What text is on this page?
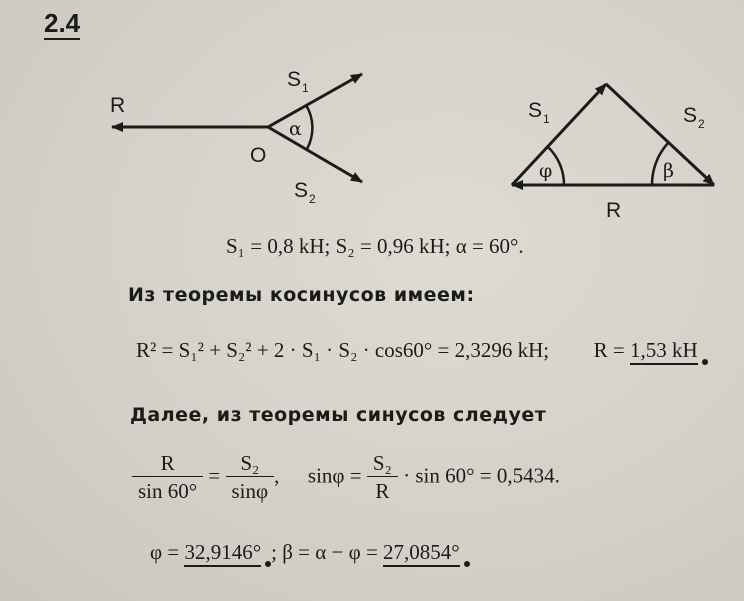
2.4
R
S 1
S 2
O
α
S 1	S 2
R
φ	β
S₁ = 0,8 kH; S₂ = 0,96 kH; α = 60°.
Из теоремы косинусов имеем:
R² = S₁² + S₂² + 2 · S₁ · S₂ · cos60° = 2,3296 kH; R = 1,53 kH
Далее, из теоремы синусов следует
$\frac{R}{\sin 60^\circ} = \frac{\text{S₂}}{\sin\varphi}$ , $\sin\varphi = \frac{\text{S₂}}{R} \cdot \sin 60^\circ = 0,5434$.
φ = 32,9146° ; β = α − φ = 27,0854°
